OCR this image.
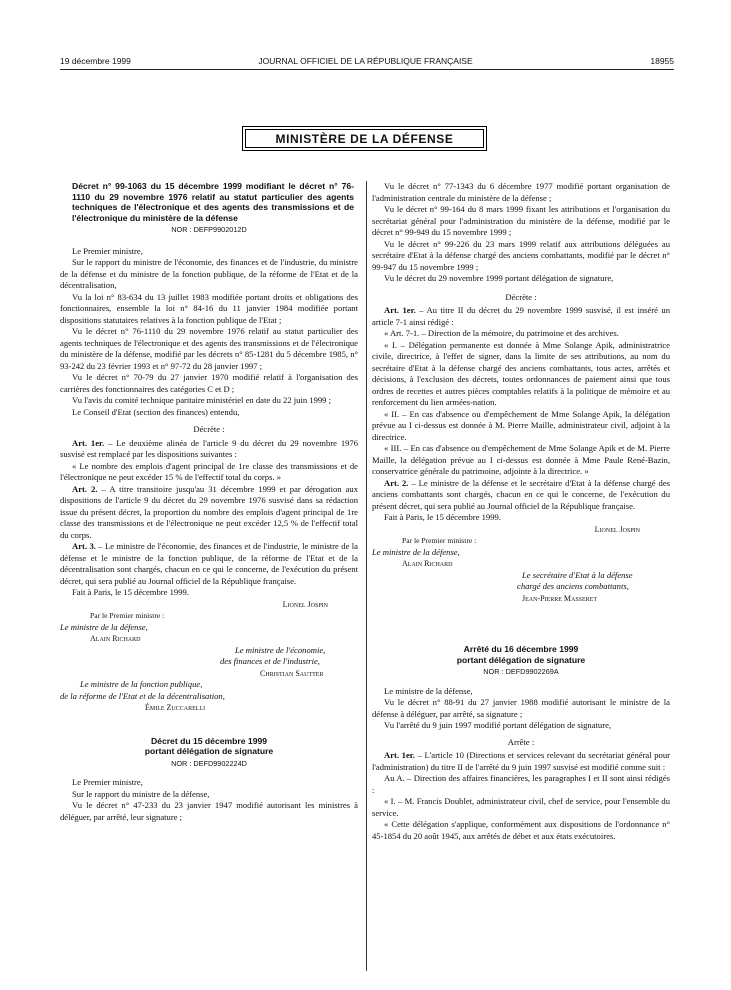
19 décembre 1999	JOURNAL OFFICIEL DE LA RÉPUBLIQUE FRANÇAISE	18955
MINISTÈRE DE LA DÉFENSE
Décret n° 99-1063 du 15 décembre 1999 modifiant le décret n° 76-1110 du 29 novembre 1976 relatif au statut particulier des agents techniques de l'électronique et des agents des transmissions et de l'électronique du ministère de la défense
NOR : DEFP9902012D

Le Premier ministre,

Sur le rapport du ministre de l'économie, des finances et de l'industrie, du ministre de la défense et du ministre de la fonction publique, de la réforme de l'Etat et de la décentralisation,

Vu la loi n° 83-634 du 13 juillet 1983 modifiée portant droits et obligations des fonctionnaires, ensemble la loi n° 84-16 du 11 janvier 1984 modifiée portant dispositions statutaires relatives à la fonction publique de l'Etat ;

Vu le décret n° 76-1110 du 29 novembre 1976 relatif au statut particulier des agents techniques de l'électronique et des agents des transmissions et de l'électronique du ministère de la défense, modifié par les décrets n° 85-1281 du 5 décembre 1985, n° 93-242 du 23 février 1993 et n° 97-72 du 28 janvier 1997 ;

Vu le décret n° 70-79 du 27 janvier 1970 modifié relatif à l'organisation des carrières des fonctionnaires des catégories C et D ;

Vu l'avis du comité technique paritaire ministériel en date du 22 juin 1999 ;

Le Conseil d'Etat (section des finances) entendu,

Décrète :

Art. 1er. – Le deuxième alinéa de l'article 9 du décret du 29 novembre 1976 susvisé est remplacé par les dispositions suivantes :

« Le nombre des emplois d'agent principal de 1re classe des transmissions et de l'électronique ne peut excéder 15 % de l'effectif total du corps. »

Art. 2. – A titre transitoire jusqu'au 31 décembre 1999 et par dérogation aux dispositions de l'article 9 du décret du 29 novembre 1976 susvisé dans sa rédaction issue du présent décret, la proportion du nombre des emplois d'agent principal de 1re classe des transmissions et de l'électronique ne peut excéder 12,5 % de l'effectif total du corps.

Art. 3. – Le ministre de l'économie, des finances et de l'industrie, le ministre de la défense et le ministre de la fonction publique, de la réforme de l'Etat et de la décentralisation sont chargés, chacun en ce qui le concerne, de l'exécution du présent décret, qui sera publié au Journal officiel de la République française.

Fait à Paris, le 15 décembre 1999.

Lionel Jospin

Par le Premier ministre :

Le ministre de la défense,

Alain Richard

Le ministre de l'économie,

des finances et de l'industrie,

Christian Sautter

Le ministre de la fonction publique,

de la réforme de l'Etat et de la décentralisation,

Émile Zuccarelli

Décret du 15 décembre 1999
portant délégation de signature
NOR : DEFD9902224D

Le Premier ministre,

Sur le rapport du ministre de la défense,

Vu le décret n° 47-233 du 23 janvier 1947 modifié autorisant les ministres à déléguer, par arrêté, leur signature ;

Vu le décret n° 77-1343 du 6 décembre 1977 modifié portant organisation de l'administration centrale du ministère de la défense ;

Vu le décret n° 99-164 du 8 mars 1999 fixant les attributions et l'organisation du secrétariat général pour l'administration du ministère de la défense, modifié par le décret n° 99-949 du 15 novembre 1999 ;

Vu le décret n° 99-226 du 23 mars 1999 relatif aux attributions déléguées au secrétaire d'Etat à la défense chargé des anciens combattants, modifié par le décret n° 99-947 du 15 novembre 1999 ;

Vu le décret du 29 novembre 1999 portant délégation de signature,

Décrète :

Art. 1er. – Au titre II du décret du 29 novembre 1999 susvisé, il est inséré un article 7-1 ainsi rédigé :

« Art. 7-1. – Direction de la mémoire, du patrimoine et des archives.

« I. – Délégation permanente est donnée à Mme Solange Apik, administratrice civile, directrice, à l'effet de signer, dans la limite de ses attributions, au nom du secrétaire d'Etat à la défense chargé des anciens combattants, tous actes, arrêtés et décisions, à l'exclusion des décrets, toutes ordonnances de paiement ainsi que tous ordres de recettes et autres pièces comptables relatifs à la politique de mémoire et au renforcement du lien armées-nation.

« II. – En cas d'absence ou d'empêchement de Mme Solange Apik, la délégation prévue au I ci-dessus est donnée à M. Pierre Maille, administrateur civil, adjoint à la directrice.

« III. – En cas d'absence ou d'empêchement de Mme Solange Apik et de M. Pierre Maille, la délégation prévue au I ci-dessus est donnée à Mme Paule René-Bazin, conservatrice générale du patrimoine, adjointe à la directrice. »

Art. 2. – Le ministre de la défense et le secrétaire d'Etat à la défense chargé des anciens combattants sont chargés, chacun en ce qui le concerne, de l'exécution du présent décret, qui sera publié au Journal officiel de la République française.

Fait à Paris, le 15 décembre 1999.

Lionel Jospin

Par le Premier ministre :

Le ministre de la défense,

Alain Richard

Le secrétaire d'Etat à la défense

chargé des anciens combattants,

Jean-Pierre Masseret

Arrêté du 16 décembre 1999
portant délégation de signature
NOR : DEFD9902269A

Le ministre de la défense,

Vu le décret n° 88-91 du 27 janvier 1988 modifié autorisant le ministre de la défense à déléguer, par arrêté, sa signature ;

Vu l'arrêté du 9 juin 1997 modifié portant délégation de signature,

Arrête :

Art. 1er. – L'article 10 (Directions et services relevant du secrétariat général pour l'administration) du titre II de l'arrêté du 9 juin 1997 susvisé est modifié comme suit :

Au A. – Direction des affaires financières, les paragraphes I et II sont ainsi rédigés :

« I. – M. Francis Doublet, administrateur civil, chef de service, pour l'ensemble du service.

« Cette délégation s'applique, conformément aux dispositions de l'ordonnance n° 45-1854 du 20 août 1945, aux arrêtés de débet et aux états exécutoires.
